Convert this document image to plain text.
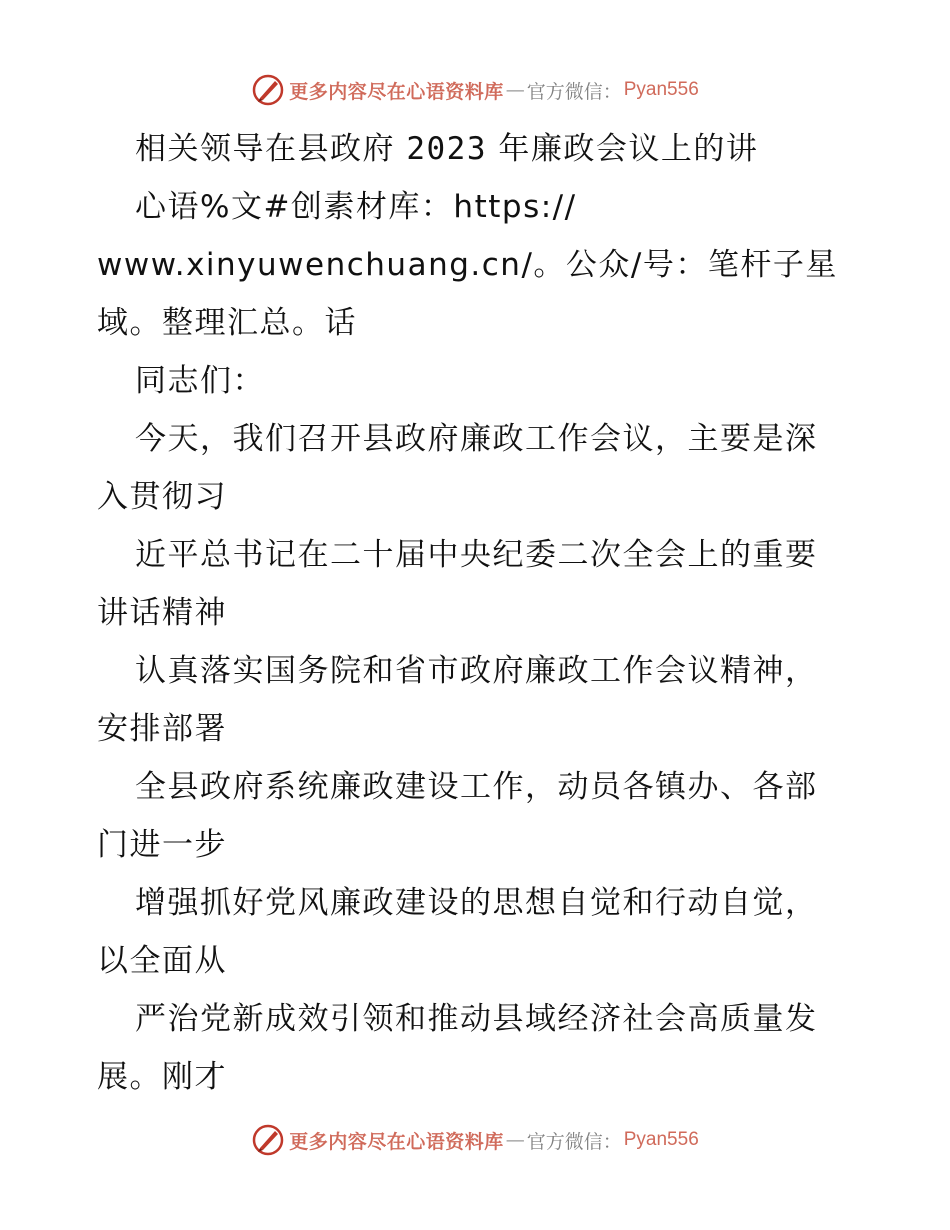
更多内容尽在心语资料库 — 官方微信： Pyan556
相关领导在县政府 2023 年廉政会议上的讲
心语%文#创素材库：https://
www.xinyuwenchuang.cn/。公众/号：笔杆子星
域。整理汇总。话
同志们：
今天，我们召开县政府廉政工作会议，主要是深
入贯彻习
近平总书记在二十届中央纪委二次全会上的重要
讲话精神
认真落实国务院和省市政府廉政工作会议精神，
安排部署
全县政府系统廉政建设工作，动员各镇办、各部
门进一步
增强抓好党风廉政建设的思想自觉和行动自觉，
以全面从
严治党新成效引领和推动县域经济社会高质量发
展。刚才
更多内容尽在心语资料库 — 官方微信： Pyan556
